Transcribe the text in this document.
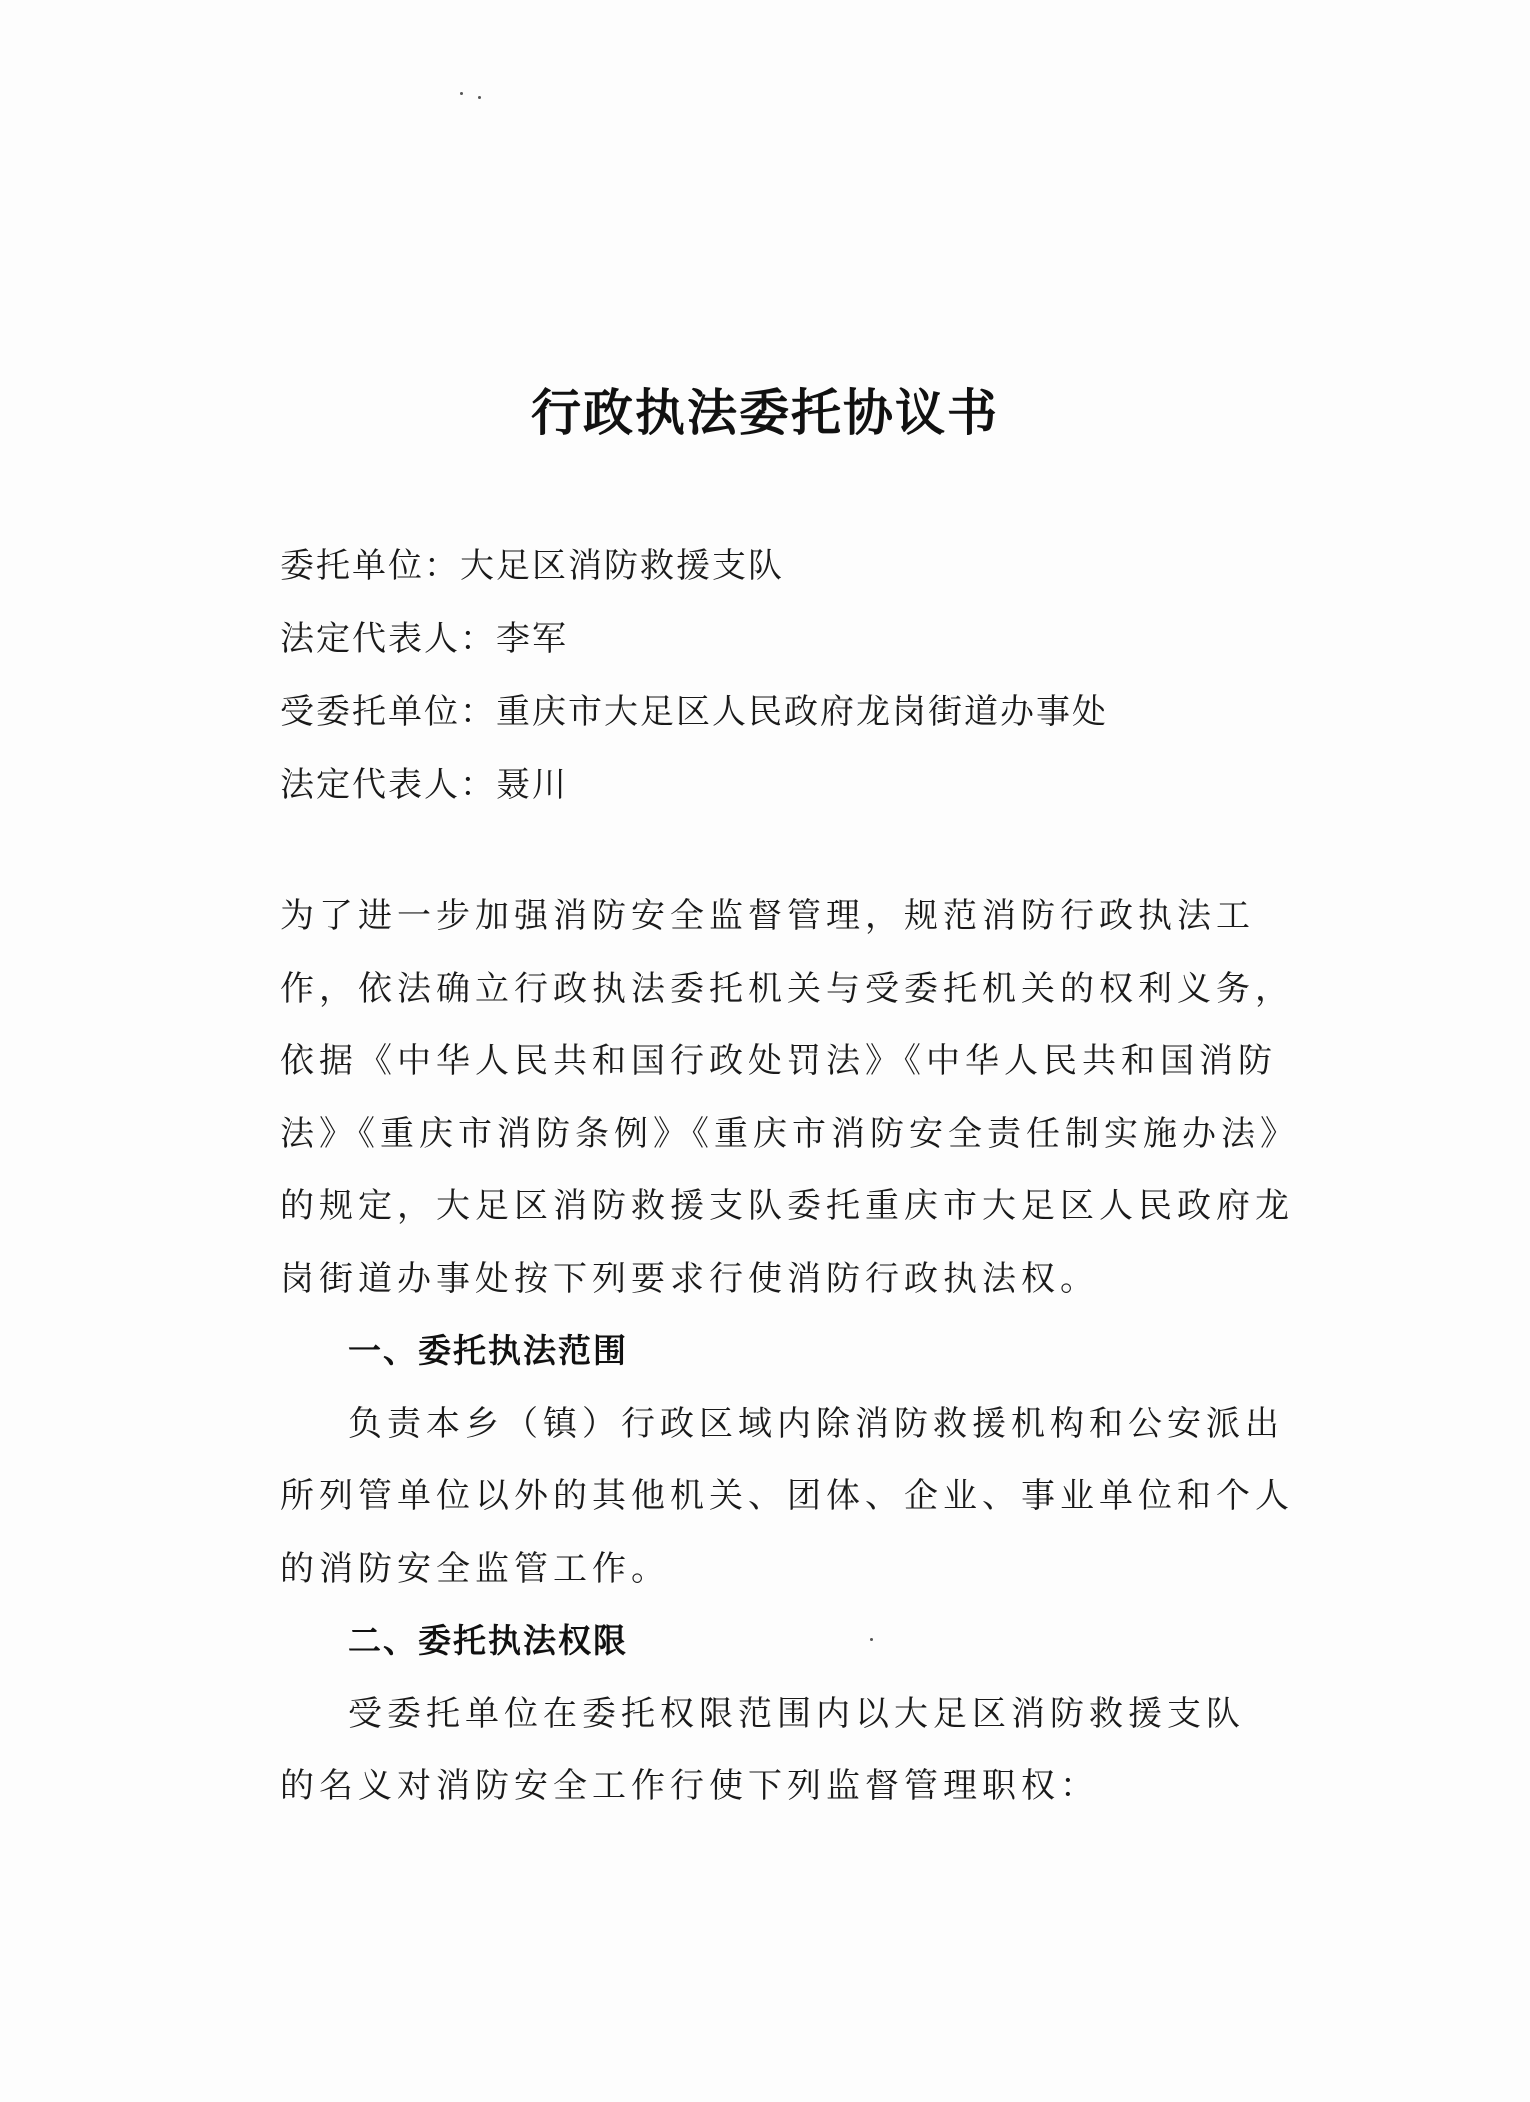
行政执法委托协议书
委托单位：大足区消防救援支队
法定代表人：李军
受委托单位：重庆市大足区人民政府龙岗街道办事处
法定代表人：聂川

为了进一步加强消防安全监督管理，规范消防行政执法工
作，依法确立行政执法委托机关与受委托机关的权利义务，
依据《中华人民共和国行政处罚法》《中华人民共和国消防
法》《重庆市消防条例》《重庆市消防安全责任制实施办法》
的规定，大足区消防救援支队委托重庆市大足区人民政府龙
岗街道办事处按下列要求行使消防行政执法权。

一、委托执法范围

负责本乡（镇）行政区域内除消防救援机构和公安派出
所列管单位以外的其他机关、团体、企业、事业单位和个人
的消防安全监管工作。

二、委托执法权限

受委托单位在委托权限范围内以大足区消防救援支队
的名义对消防安全工作行使下列监督管理职权：
